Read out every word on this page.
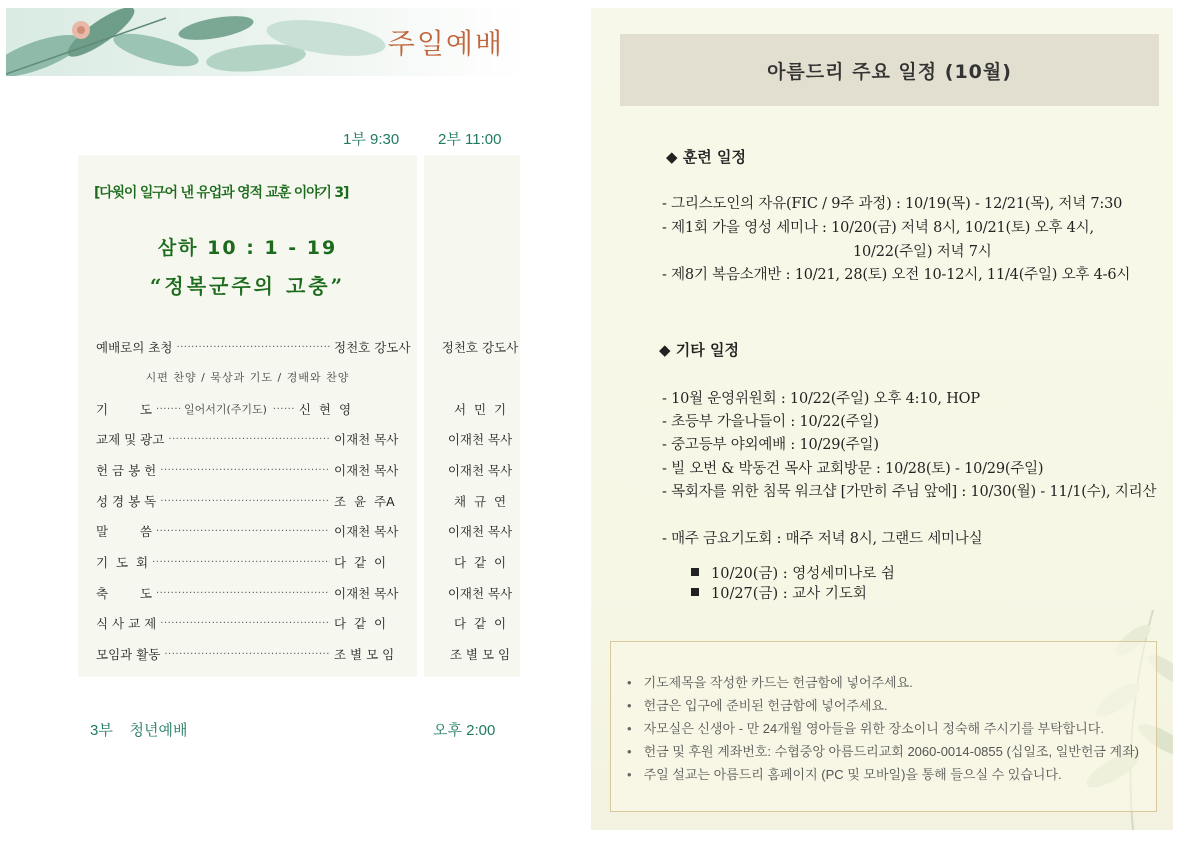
주일예배
1부 9:30	2부 11:00
[다윗이 일구어 낸 유업과 영적 교훈 이야기 3]
삼하 10 : 1 - 19
“정복군주의 고충”
예배로의 초청 ·····	정천호 강도사	정천호 강도사
시편 찬양 / 묵상과 기도 / 경배와 찬양
기        도 ·····	일어서기(주기도) ·····	신  현  영	서  민  기
교제 및 광고 ·····	이재천 목사	이재천 목사
헌 금 봉 헌 ·····	이재천 목사	이재천 목사
성 경 봉 독 ·····	조  윤  주A	채  규  연
말        씀 ·····	이재천 목사	이재천 목사
기  도  회 ·····	다  같  이	다  같  이
축        도 ·····	이재천 목사	이재천 목사
식 사 교 제 ·····	다  같  이	다  같  이
모임과 활동 ·····	조 별 모 임	조 별 모 임
3부    청년예배	오후 2:00
아름드리 주요 일정 (10월)
◆ 훈련 일정
- 그리스도인의 자유(FIC / 9주 과정) : 10/19(목) - 12/21(목), 저녁 7:30
- 제1회 가을 영성 세미나 : 10/20(금) 저녁 8시, 10/21(토) 오후 4시,
10/22(주일) 저녁 7시
- 제8기 복음소개반 : 10/21, 28(토) 오전 10-12시, 11/4(주일) 오후 4-6시
◆ 기타 일정
- 10월 운영위원회 : 10/22(주일) 오후 4:10, HOP
- 초등부 가을나들이 : 10/22(주일)
- 중고등부 야외예배 : 10/29(주일)
- 빌 오번 & 박동건 목사 교회방문 : 10/28(토) - 10/29(주일)
- 목회자를 위한 침묵 워크샵 [가만히 주님 앞에] : 10/30(월) - 11/1(수), 지리산
- 매주 금요기도회 : 매주 저녁 8시, 그랜드 세미나실
10/20(금) : 영성세미나로 쉼
10/27(금) : 교사 기도회
• 기도제목을 작성한 카드는 헌금함에 넣어주세요.
• 헌금은 입구에 준비된 헌금함에 넣어주세요.
• 자모실은 신생아 - 만 24개월 영아들을 위한 장소이니 정숙해 주시기를 부탁합니다.
• 헌금 및 후원 계좌번호: 수협중앙 아름드리교회 2060-0014-0855 (십일조, 일반헌금 계좌)
• 주일 설교는 아름드리 홈페이지 (PC 및 모바일)을 통해 들으실 수 있습니다.
